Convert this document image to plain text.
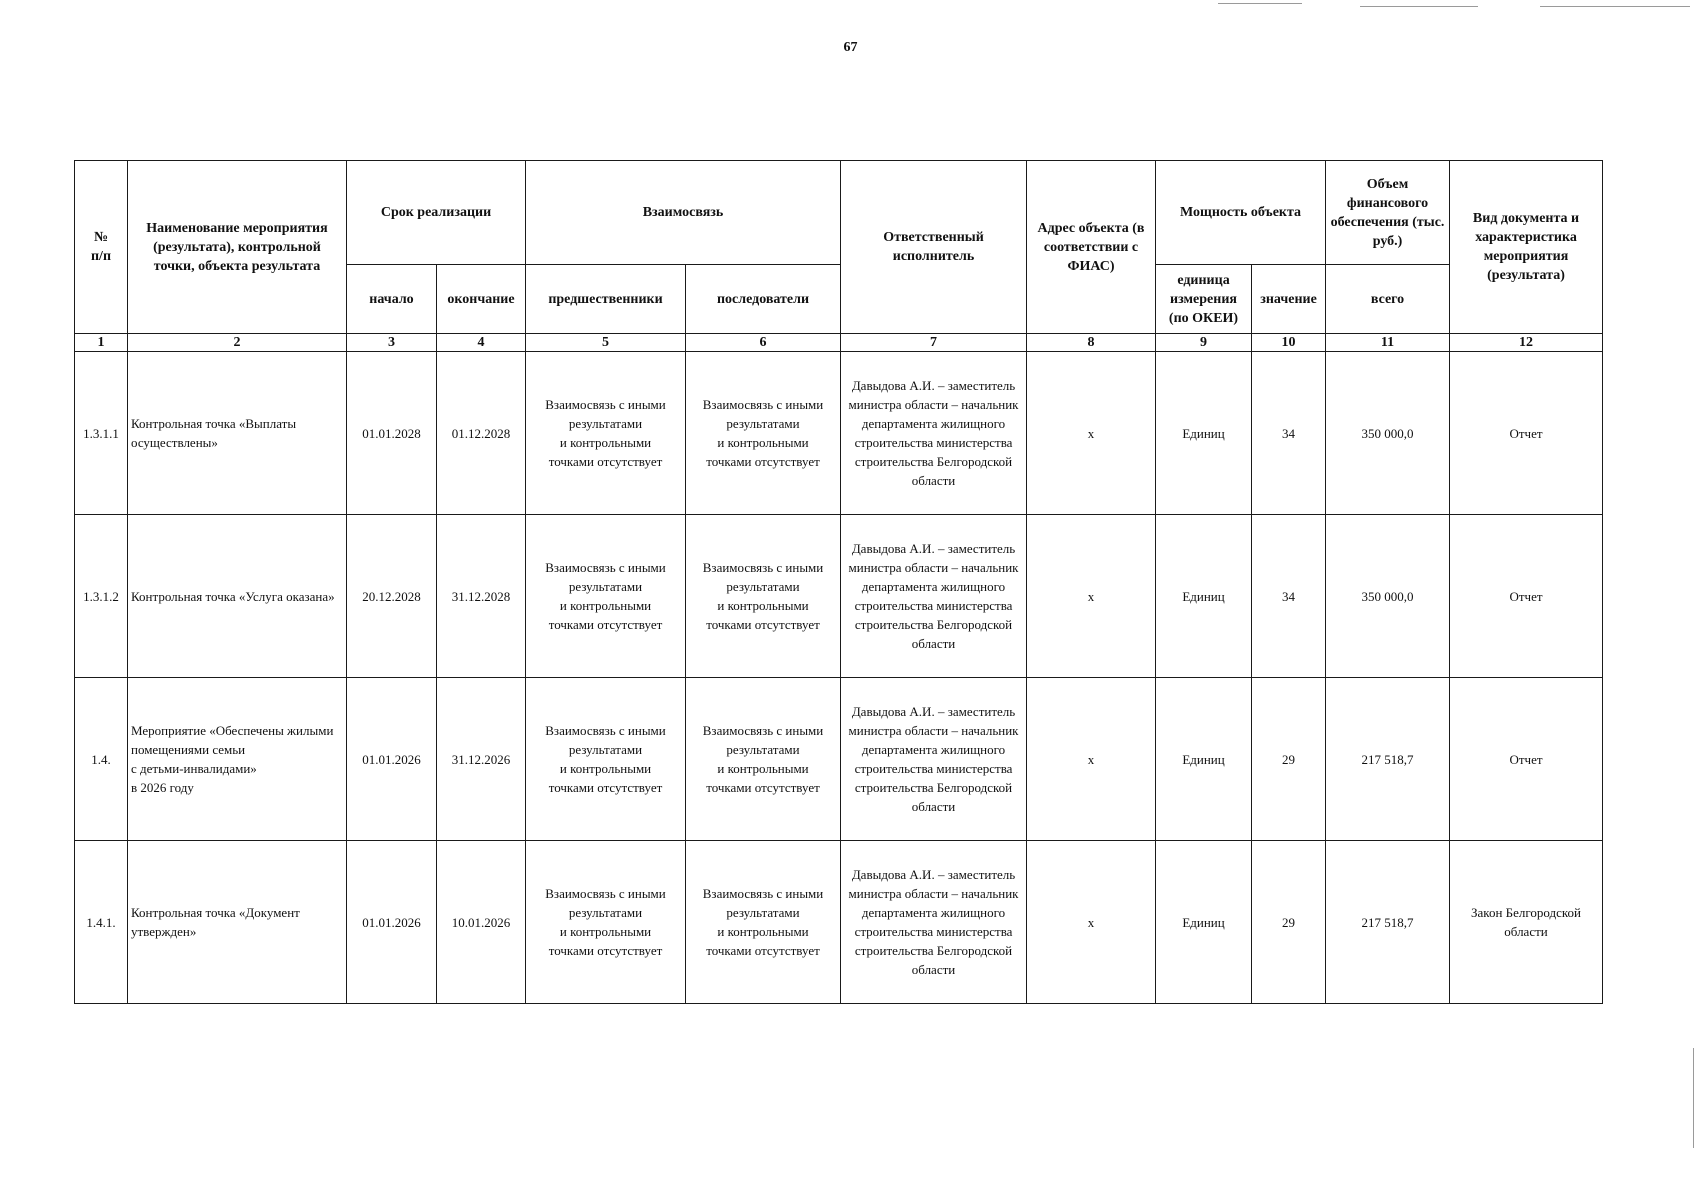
67
№
п/п	Наименование мероприятия (результата), контрольной точки, объекта результата	Срок реализации		Взаимосвязь		Ответственный исполнитель	Адрес объекта (в соответствии с ФИАС)	Мощность объекта		Объем финансового обеспечения (тыс. руб.)	Вид документа и характеристика мероприятия (результата)
		начало	окончание	предшественники	последователи			единица измерения (по ОКЕИ)	значение	всего	
1	2	3	4	5	6	7	8	9	10	11	12
1.3.1.1	Контрольная точка «Выплаты осуществлены»	01.01.2028	01.12.2028	Взаимосвязь с иными результатами
и контрольными
точками отсутствует	Взаимосвязь с иными результатами
и контрольными
точками отсутствует	Давыдова А.И. – заместитель министра области – начальник департамента жилищного строительства министерства строительства Белгородской области	х	Единиц	34	350 000,0	Отчет
1.3.1.2	Контрольная точка «Услуга оказана»	20.12.2028	31.12.2028	Взаимосвязь с иными результатами
и контрольными
точками отсутствует	Взаимосвязь с иными результатами
и контрольными
точками отсутствует	Давыдова А.И. – заместитель министра области – начальник департамента жилищного строительства министерства строительства Белгородской области	х	Единиц	34	350 000,0	Отчет
1.4.	Мероприятие «Обеспечены жилыми помещениями семьи
с детьми-инвалидами»
в 2026 году	01.01.2026	31.12.2026	Взаимосвязь с иными результатами
и контрольными
точками отсутствует	Взаимосвязь с иными результатами
и контрольными
точками отсутствует	Давыдова А.И. – заместитель министра области – начальник департамента жилищного строительства министерства строительства Белгородской области	х	Единиц	29	217 518,7	Отчет
1.4.1.	Контрольная точка «Документ утвержден»	01.01.2026	10.01.2026	Взаимосвязь с иными результатами
и контрольными
точками отсутствует	Взаимосвязь с иными результатами
и контрольными
точками отсутствует	Давыдова А.И. – заместитель министра области – начальник департамента жилищного строительства министерства строительства Белгородской области	х	Единиц	29	217 518,7	Закон Белгородской области
